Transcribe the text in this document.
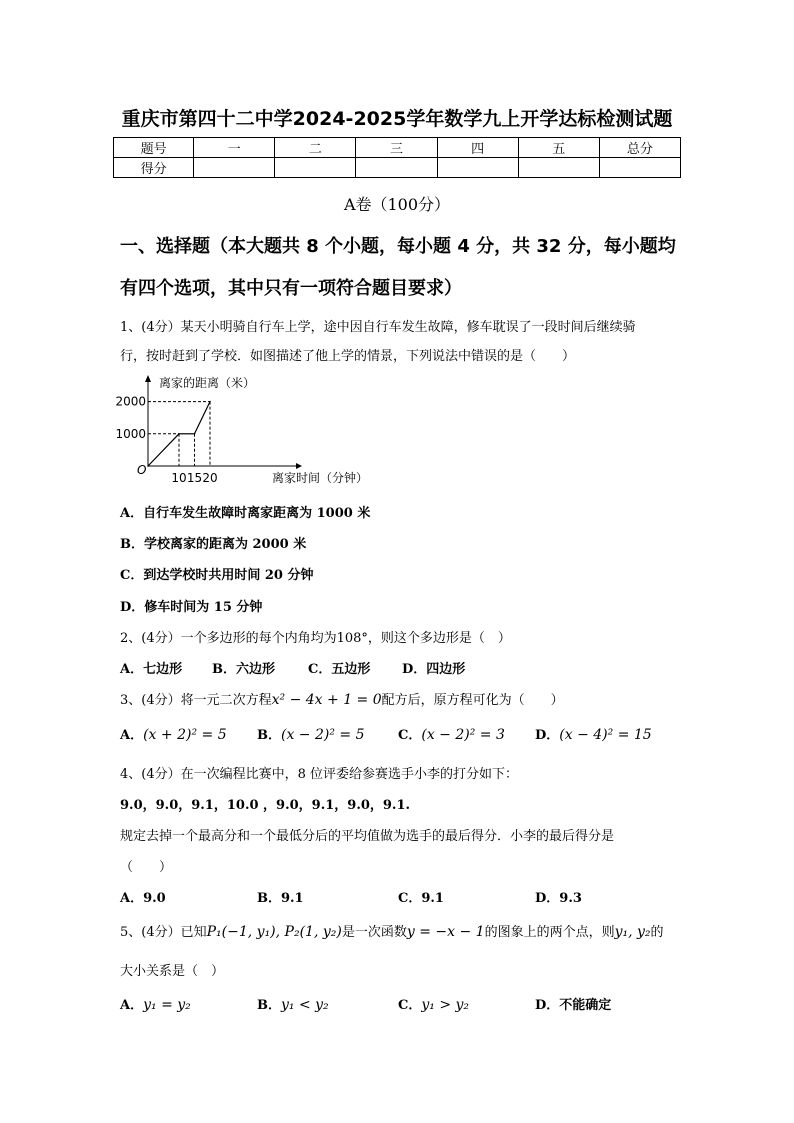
重庆市第四十二中学2024-2025学年数学九上开学达标检测试题
题号	一	二	三	四	五	总分
得分						
A卷（100分）
一、选择题（本大题共 8 个小题，每小题 4 分，共 32 分，每小题均
有四个选项，其中只有一项符合题目要求）
1、(4分）某天小明骑自行车上学，途中因自行车发生故障，修车耽误了一段时间后继续骑
行，按时赶到了学校．如图描述了他上学的情景，下列说法中错误的是（　　）
离家的距离（米）
离家时间（分钟）
O
1000
2000
10 15 20
A．自行车发生故障时离家距离为 1000 米
B．学校离家的距离为 2000 米
C．到达学校时共用时间 20 分钟
D．修车时间为 15 分钟
2、(4分）一个多边形的每个内角均为108°，则这个多边形是（　）
A．七边形 B．六边形	C．五边形 D．四边形
3、(4分）将一元二次方程x² − 4x + 1 = 0配方后，原方程可化为（　　）
A．(x + 2)² = 5 B．(x − 2)² = 5	C．(x − 2)² = 3 D．(x − 4)² = 15
4、(4分）在一次编程比赛中，8 位评委给参赛选手小李的打分如下：
9.0，9.0，9.1，10.0 ，9.0，9.1，9.0，9.1.
规定去掉一个最高分和一个最低分后的平均值做为选手的最后得分．小李的最后得分是
（　　）
A．9.0	B．9.1	C．9.1	D．9.3
5、(4分）已知P₁(−1, y₁), P₂(1, y₂)是一次函数y = −x − 1的图象上的两个点，则y₁, y₂的
大小关系是（　）
A．y₁ = y₂	B．y₁ < y₂	C．y₁ > y₂	D．不能确定
